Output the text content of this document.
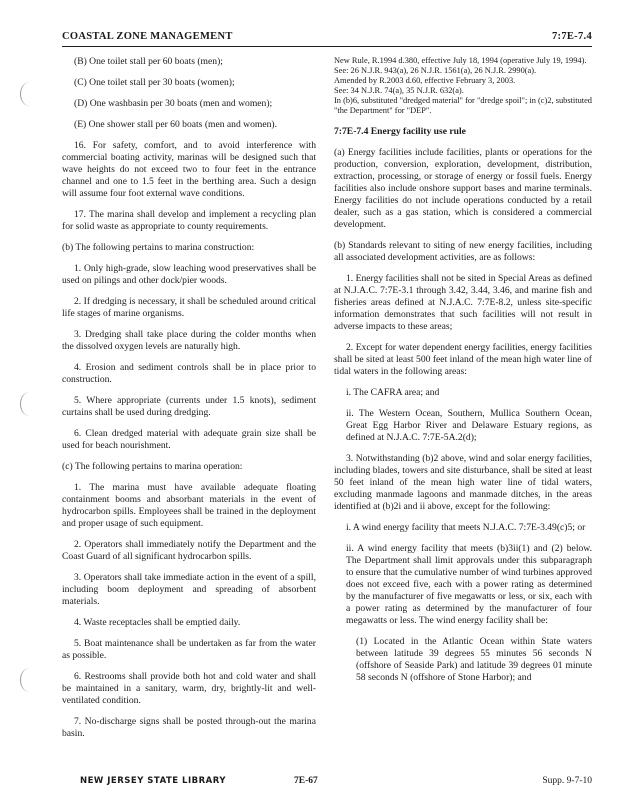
COASTAL ZONE MANAGEMENT	7:7E-7.4

(B) One toilet stall per 60 boats (men);

(C) One toilet stall per 30 boats (women);

(D) One washbasin per 30 boats (men and women);

(E) One shower stall per 60 boats (men and women).

16. For safety, comfort, and to avoid interference with commercial boating activity, marinas will be designed such that wave heights do not exceed two to four feet in the entrance channel and one to 1.5 feet in the berthing area. Such a design will assume four foot external wave conditions.

17. The marina shall develop and implement a recycling plan for solid waste as appropriate to county requirements.

(b) The following pertains to marina construction:

1. Only high-grade, slow leaching wood preservatives shall be used on pilings and other dock/pier woods.

2. If dredging is necessary, it shall be scheduled around critical life stages of marine organisms.

3. Dredging shall take place during the colder months when the dissolved oxygen levels are naturally high.

4. Erosion and sediment controls shall be in place prior to construction.

5. Where appropriate (currents under 1.5 knots), sediment curtains shall be used during dredging.

6. Clean dredged material with adequate grain size shall be used for beach nourishment.

(c) The following pertains to marina operation:

1. The marina must have available adequate floating containment booms and absorbant materials in the event of hydrocarbon spills. Employees shall be trained in the deployment and proper usage of such equipment.

2. Operators shall immediately notify the Department and the Coast Guard of all significant hydrocarbon spills.

3. Operators shall take immediate action in the event of a spill, including boom deployment and spreading of absorbent materials.

4. Waste receptacles shall be emptied daily.

5. Boat maintenance shall be undertaken as far from the water as possible.

6. Restrooms shall provide both hot and cold water and shall be maintained in a sanitary, warm, dry, brightly-lit and well-ventilated condition.

7. No-discharge signs shall be posted through-out the marina basin.

New Rule, R.1994 d.380, effective July 18, 1994 (operative July 19, 1994).

See: 26 N.J.R. 943(a), 26 N.J.R. 1561(a), 26 N.J.R. 2990(a).

Amended by R.2003 d.60, effective February 3, 2003.

See: 34 N.J.R. 74(a), 35 N.J.R. 632(a).

In (b)6, substituted "dredged material" for "dredge spoil"; in (c)2, substituted "the Department" for "DEP".

7:7E-7.4 Energy facility use rule

(a) Energy facilities include facilities, plants or operations for the production, conversion, exploration, development, distribution, extraction, processing, or storage of energy or fossil fuels. Energy facilities also include onshore support bases and marine terminals. Energy facilities do not include operations conducted by a retail dealer, such as a gas station, which is considered a commercial development.

(b) Standards relevant to siting of new energy facilities, including all associated development activities, are as follows:

1. Energy facilities shall not be sited in Special Areas as defined at N.J.A.C. 7:7E-3.1 through 3.42, 3.44, 3.46, and marine fish and fisheries areas defined at N.J.A.C. 7:7E-8.2, unless site-specific information demonstrates that such facilities will not result in adverse impacts to these areas;

2. Except for water dependent energy facilities, energy facilities shall be sited at least 500 feet inland of the mean high water line of tidal waters in the following areas:

i. The CAFRA area; and

ii. The Western Ocean, Southern, Mullica Southern Ocean, Great Egg Harbor River and Delaware Estuary regions, as defined at N.J.A.C. 7:7E-5A.2(d);

3. Notwithstanding (b)2 above, wind and solar energy facilities, including blades, towers and site disturbance, shall be sited at least 50 feet inland of the mean high water line of tidal waters, excluding manmade lagoons and manmade ditches, in the areas identified at (b)2i and ii above, except for the following:

i. A wind energy facility that meets N.J.A.C. 7:7E-3.49(c)5; or

ii. A wind energy facility that meets (b)3ii(1) and (2) below. The Department shall limit approvals under this subparagraph to ensure that the cumulative number of wind turbines approved does not exceed five, each with a power rating as determined by the manufacturer of five megawatts or less, or six, each with a power rating as determined by the manufacturer of four megawatts or less. The wind energy facility shall be:

(1) Located in the Atlantic Ocean within State waters between latitude 39 degrees 55 minutes 56 seconds N (offshore of Seaside Park) and latitude 39 degrees 01 minute 58 seconds N (offshore of Stone Harbor); and

NEW JERSEY STATE LIBRARY	7E-67	Supp. 9-7-10
